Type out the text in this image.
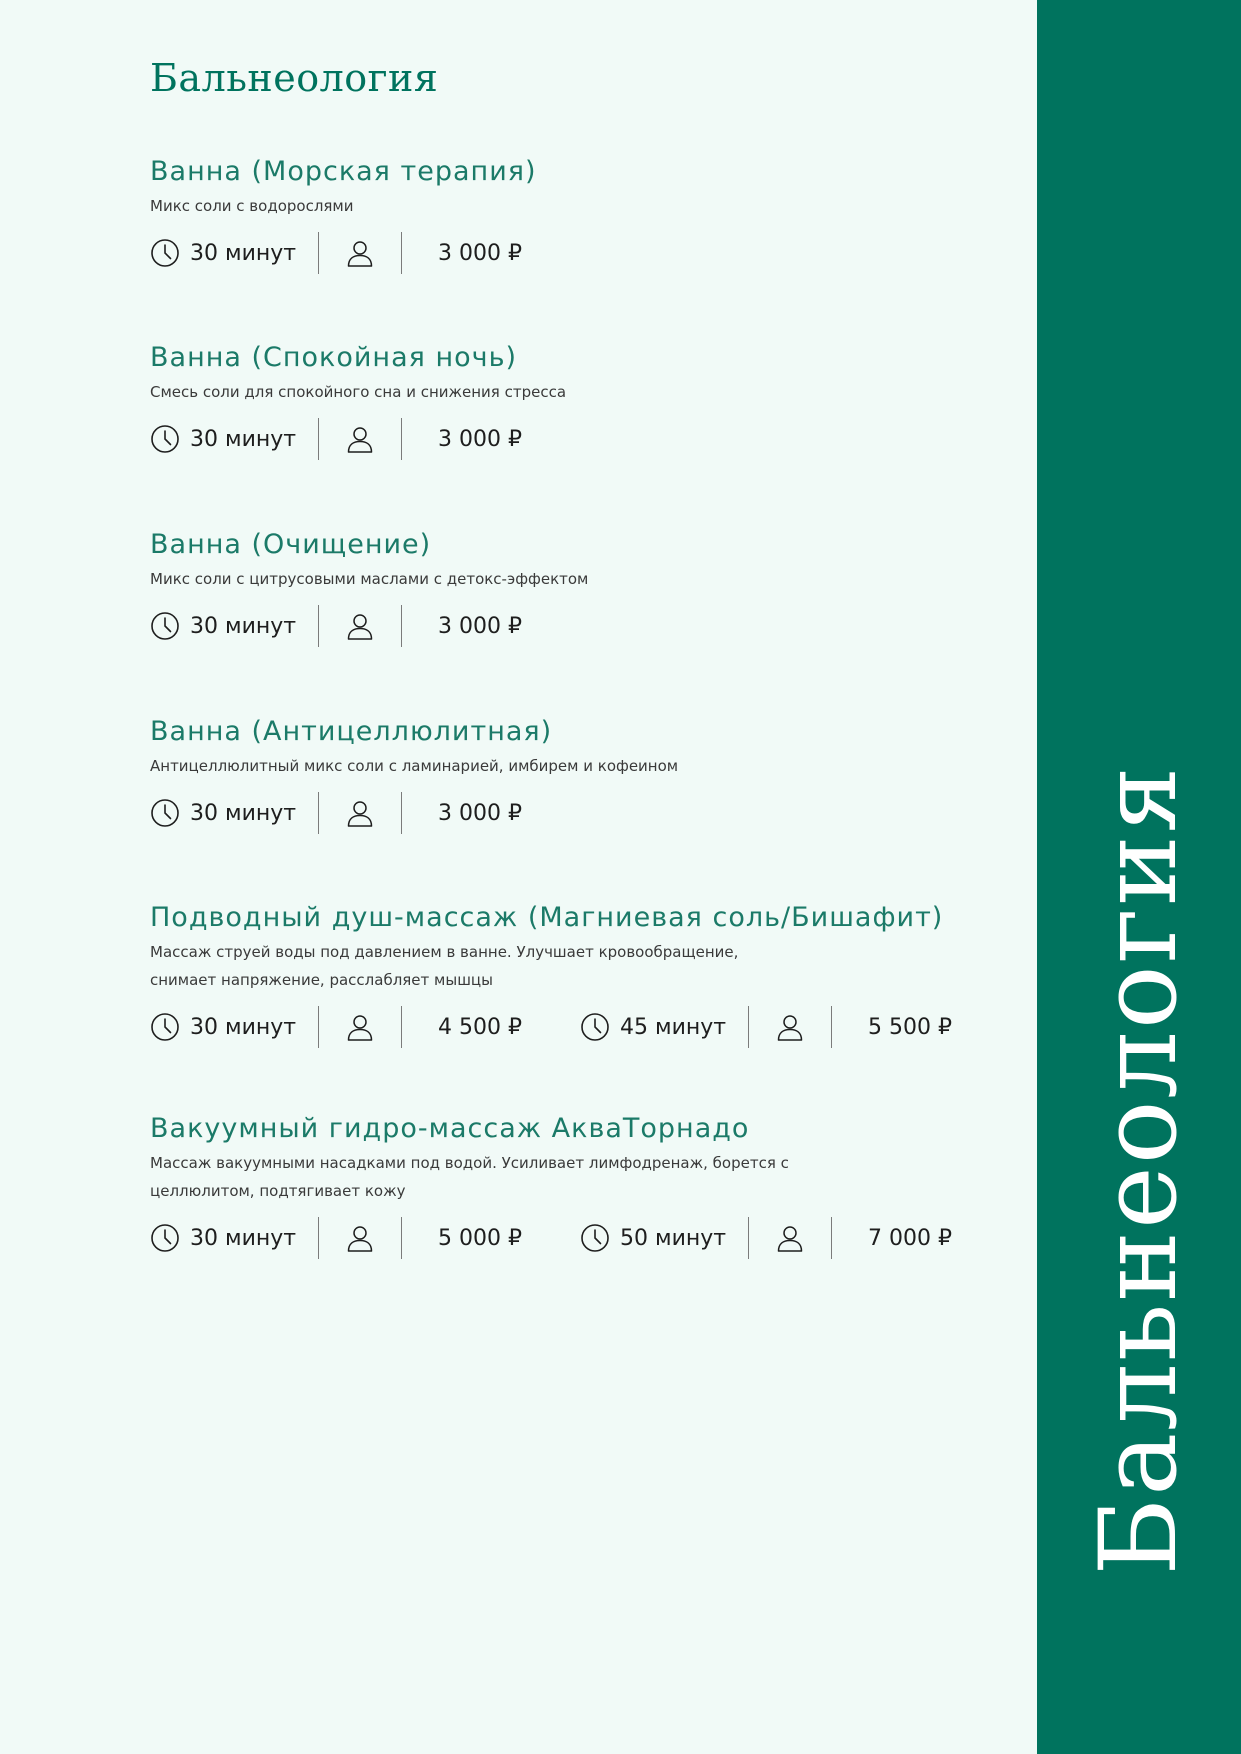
Бальнеология
Ванна (Морская терапия)

Микс соли с водорослями

30 минут	3 000 ₽
Ванна (Спокойная ночь)

Смесь соли для спокойного сна и снижения стресса

30 минут	3 000 ₽
Ванна (Очищение)

Микс соли с цитрусовыми маслами с детокс-эффектом

30 минут	3 000 ₽
Ванна (Антицеллюлитная)

Антицеллюлитный микс соли с ламинарией, имбирем и кофеином

30 минут	3 000 ₽
Подводный душ-массаж (Магниевая соль/Бишафит)

Массаж струей воды под давлением в ванне. Улучшает кровообращение, снимает напряжение, расслабляет мышцы

30 минут	4 500 ₽	45 минут	5 500 ₽
Вакуумный гидро-массаж АкваТорнадо

Массаж вакуумными насадками под водой. Усиливает лимфодренаж, борется с целлюлитом, подтягивает кожу

30 минут	5 000 ₽	50 минут	7 000 ₽ Бальнеология
